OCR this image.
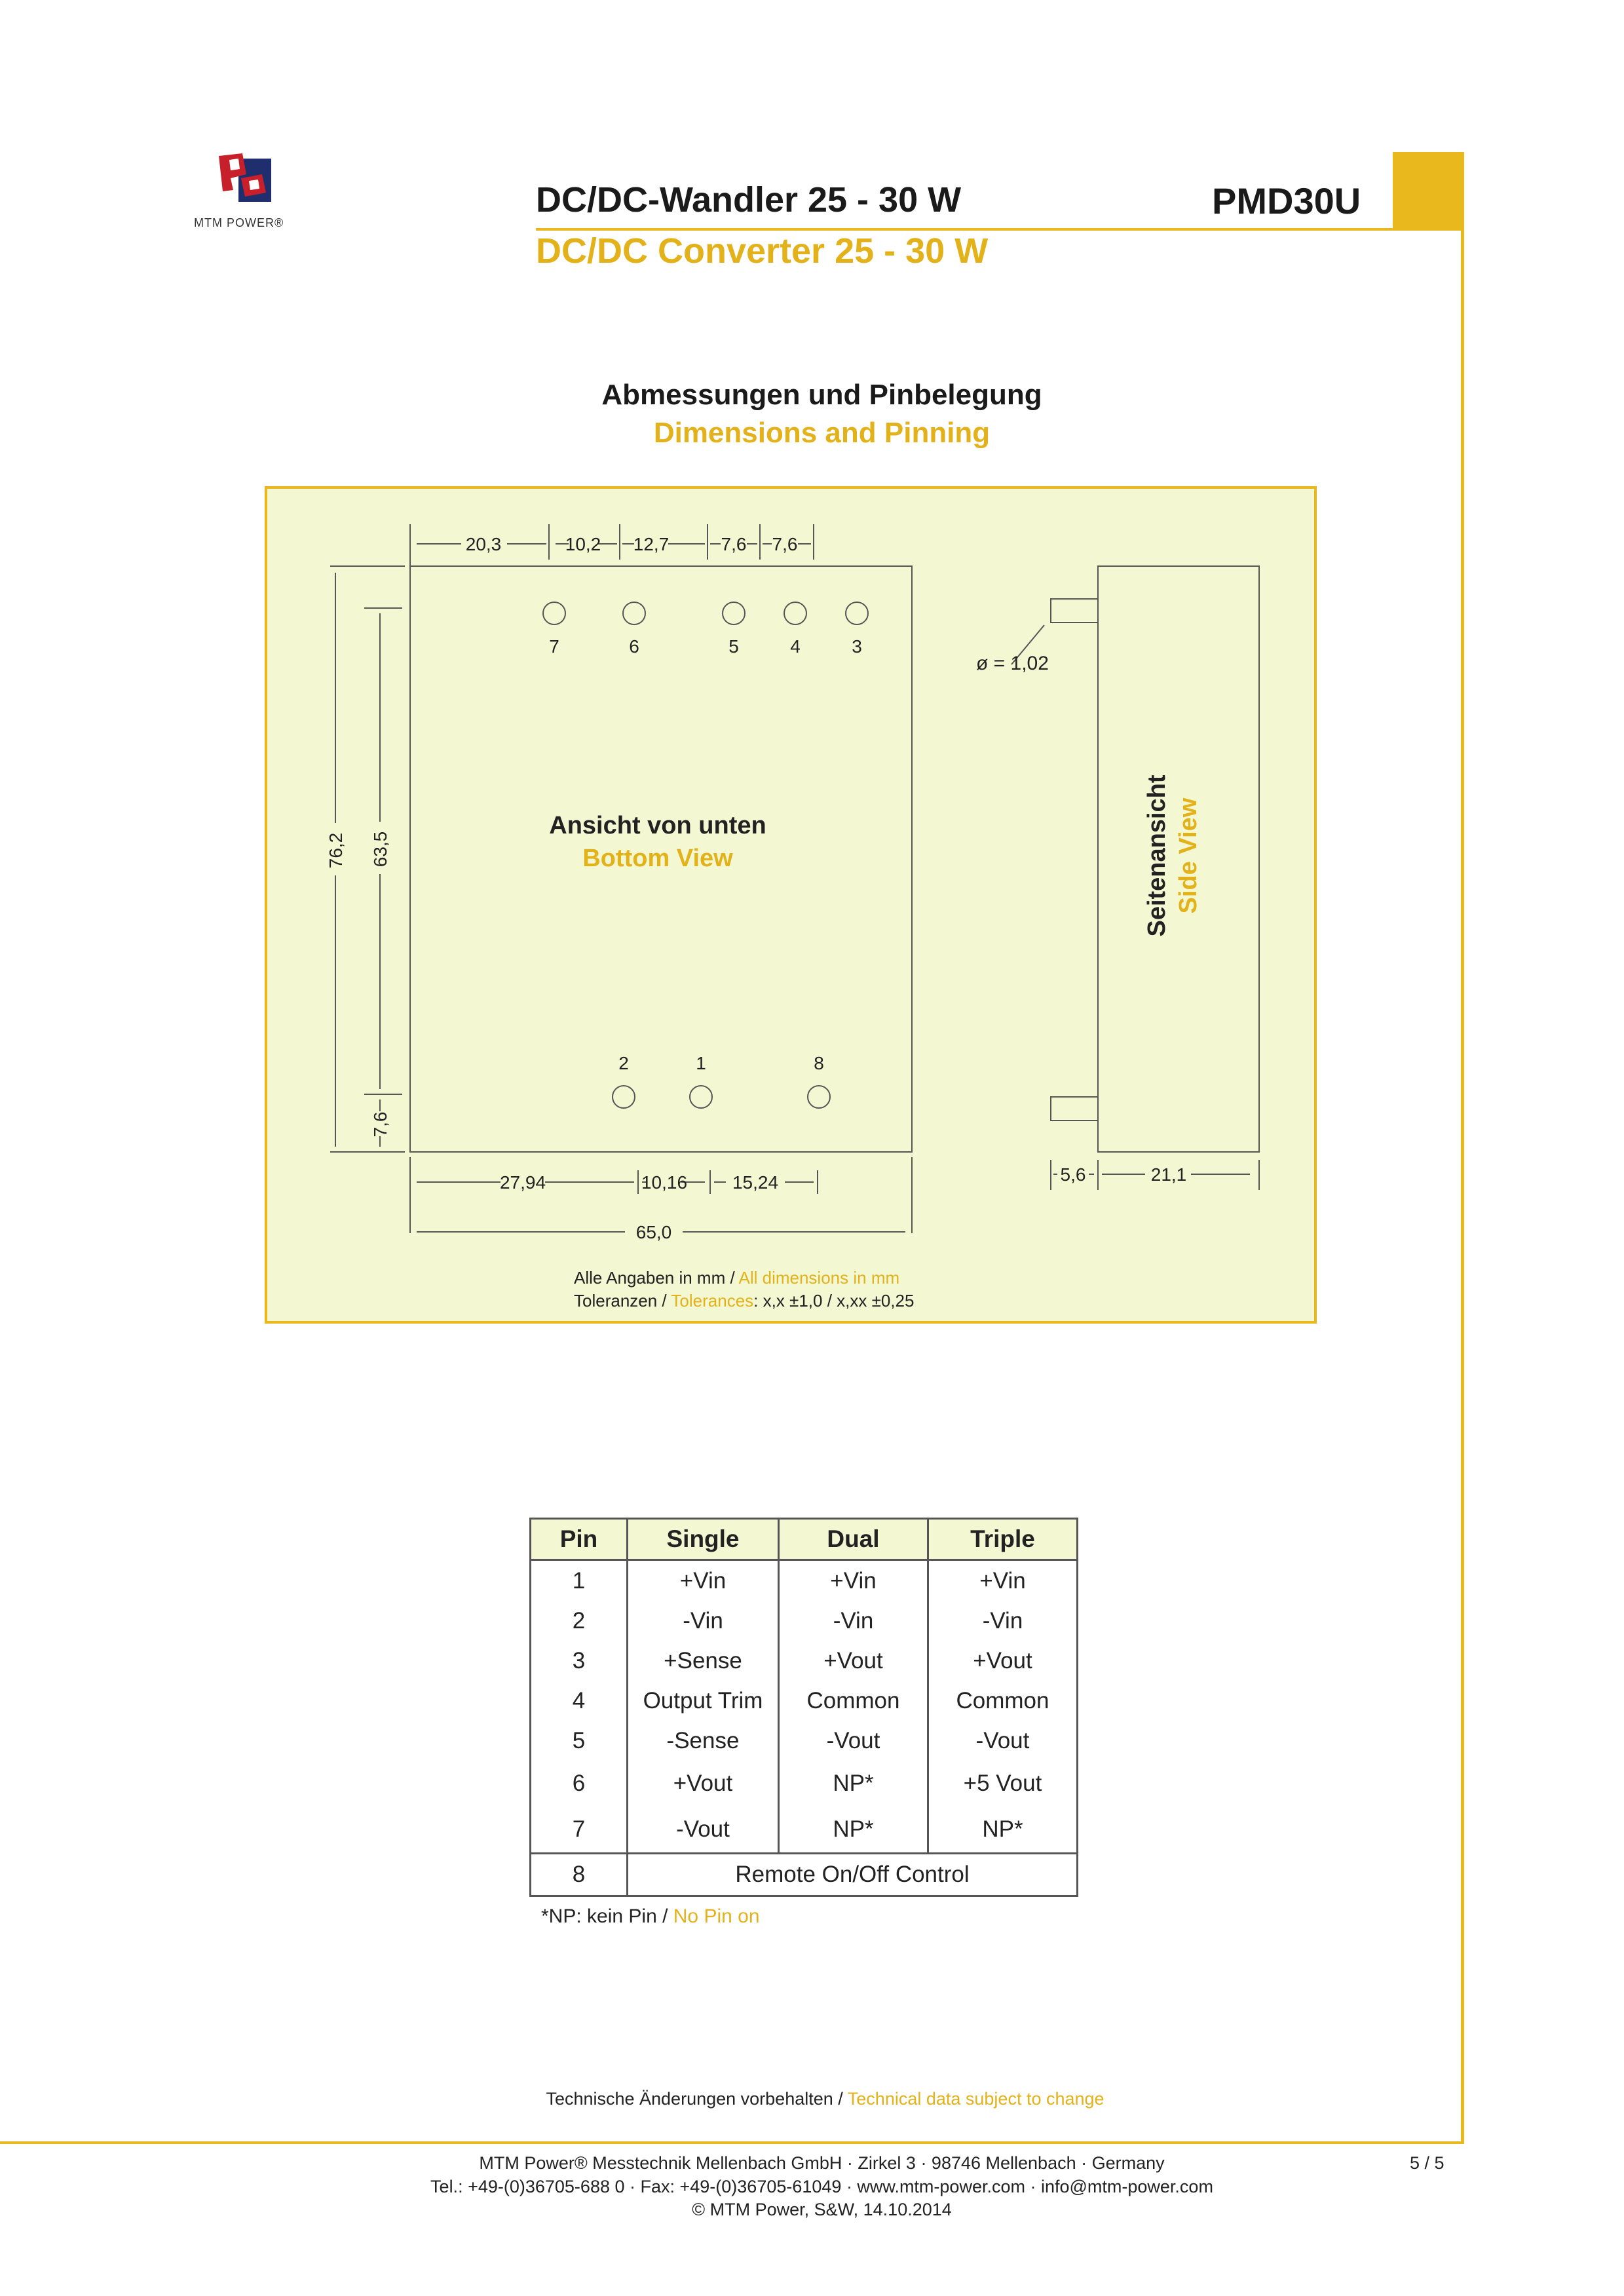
MTM POWER®
DC/DC-Wandler 25 - 30 W
DC/DC Converter 25 - 30 W
PMD30U
Abmessungen und Pinbelegung
Dimensions and Pinning
20,3	10,2 12,7	7,6 7,6
7	6	5	4	3
2	1	8
ø = 1,02
Ansicht von unten
Bottom View	Seitenansicht Side View
76,2 63,5
7,6
27,94	10,16 15,24
65,0
5,6	21,1
Alle Angaben in mm / All dimensions in mm
Toleranzen / Tolerances: x,x ±1,0 / x,xx ±0,25
Pin	Single	Dual	Triple
1	+Vin	+Vin	+Vin
2	-Vin	-Vin	-Vin
3	+Sense	+Vout	+Vout
4	Output Trim	Common	Common
5	-Sense	-Vout	-Vout
6	+Vout	NP*	+5 Vout
7	-Vout	NP*	NP*
8	Remote On/Off Control		
*NP: kein Pin / No Pin on
Technische Änderungen vorbehalten / Technical data subject to change
MTM Power® Messtechnik Mellenbach GmbH · Zirkel 3 · 98746 Mellenbach · Germany
Tel.: +49-(0)36705-688 0 · Fax: +49-(0)36705-61049 · www.mtm-power.com · info@mtm-power.com
© MTM Power, S&W, 14.10.2014
5 / 5
